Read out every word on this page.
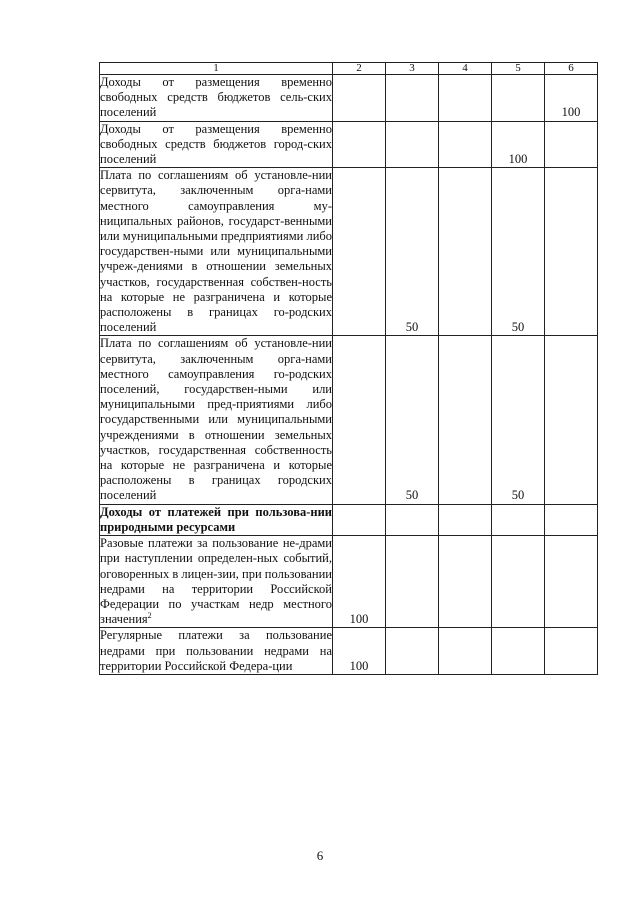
1	2	3	4	5	6
Доходы от размещения временно свободных средств бюджетов сель-ских поселений					100
Доходы от размещения временно свободных средств бюджетов город-ских поселений				100	
Плата по соглашениям об установле-нии сервитута, заключенным орга-нами местного самоуправления му-ниципальных районов, государст-венными или муниципальными предприятиями либо государствен-ными или муниципальными учреж-дениями в отношении земельных участков, государственная собствен-ность на которые не разграничена и которые расположены в границах го-родских поселений		50		50	
Плата по соглашениям об установле-нии сервитута, заключенным орга-нами местного самоуправления го-родских поселений, государствен-ными или муниципальными пред-приятиями либо государственными или муниципальными учреждениями в отношении земельных участков, государственная собственность на которые не разграничена и которые расположены в границах городских поселений		50		50	
Доходы от платежей при пользова-нии природными ресурсами					
Разовые платежи за пользование не-драми при наступлении определен-ных событий, оговоренных в лицен-зии, при пользовании недрами на территории Российской Федерации по участкам недр местного значения$^2$	100				
Регулярные платежи за пользование недрами при пользовании недрами на территории Российской Федера-ции	100				
6
